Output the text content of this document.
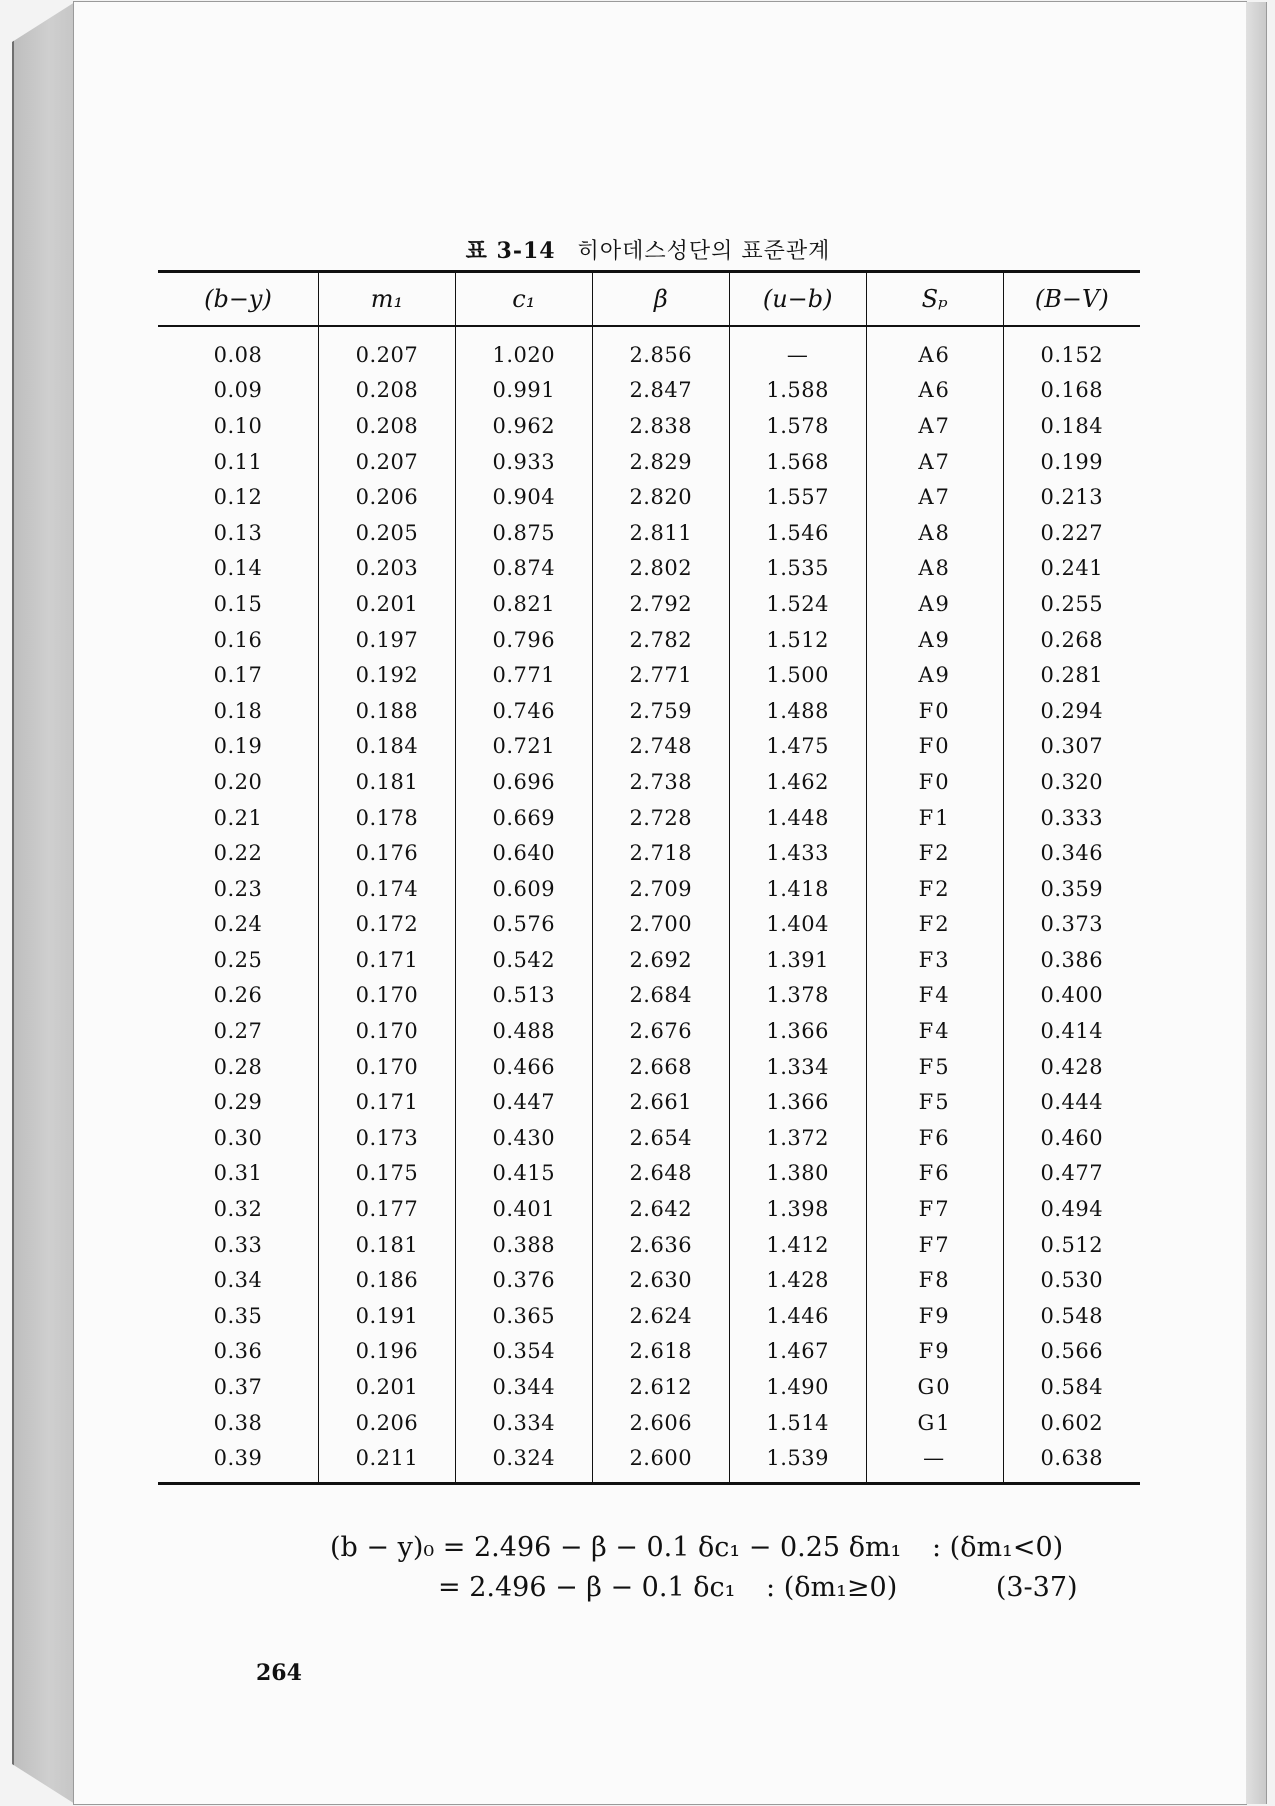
표 3-14 히아데스성단의 표준관계
(b−y)	m₁	c₁	β	(u−b)	Sₚ	(B−V)
0.08	0.207	1.020	2.856	—	A6	0.152
0.09	0.208	0.991	2.847	1.588	A6	0.168
0.10	0.208	0.962	2.838	1.578	A7	0.184
0.11	0.207	0.933	2.829	1.568	A7	0.199
0.12	0.206	0.904	2.820	1.557	A7	0.213
0.13	0.205	0.875	2.811	1.546	A8	0.227
0.14	0.203	0.874	2.802	1.535	A8	0.241
0.15	0.201	0.821	2.792	1.524	A9	0.255
0.16	0.197	0.796	2.782	1.512	A9	0.268
0.17	0.192	0.771	2.771	1.500	A9	0.281
0.18	0.188	0.746	2.759	1.488	F0	0.294
0.19	0.184	0.721	2.748	1.475	F0	0.307
0.20	0.181	0.696	2.738	1.462	F0	0.320
0.21	0.178	0.669	2.728	1.448	F1	0.333
0.22	0.176	0.640	2.718	1.433	F2	0.346
0.23	0.174	0.609	2.709	1.418	F2	0.359
0.24	0.172	0.576	2.700	1.404	F2	0.373
0.25	0.171	0.542	2.692	1.391	F3	0.386
0.26	0.170	0.513	2.684	1.378	F4	0.400
0.27	0.170	0.488	2.676	1.366	F4	0.414
0.28	0.170	0.466	2.668	1.334	F5	0.428
0.29	0.171	0.447	2.661	1.366	F5	0.444
0.30	0.173	0.430	2.654	1.372	F6	0.460
0.31	0.175	0.415	2.648	1.380	F6	0.477
0.32	0.177	0.401	2.642	1.398	F7	0.494
0.33	0.181	0.388	2.636	1.412	F7	0.512
0.34	0.186	0.376	2.630	1.428	F8	0.530
0.35	0.191	0.365	2.624	1.446	F9	0.548
0.36	0.196	0.354	2.618	1.467	F9	0.566
0.37	0.201	0.344	2.612	1.490	G0	0.584
0.38	0.206	0.334	2.606	1.514	G1	0.602
0.39	0.211	0.324	2.600	1.539	—	0.638
(b − y)₀ = 2.496 − β − 0.1 δc₁ − 0.25 δm₁ : (δm₁<0)
= 2.496 − β − 0.1 δc₁ : (δm₁≥0)	(3-37)
264
